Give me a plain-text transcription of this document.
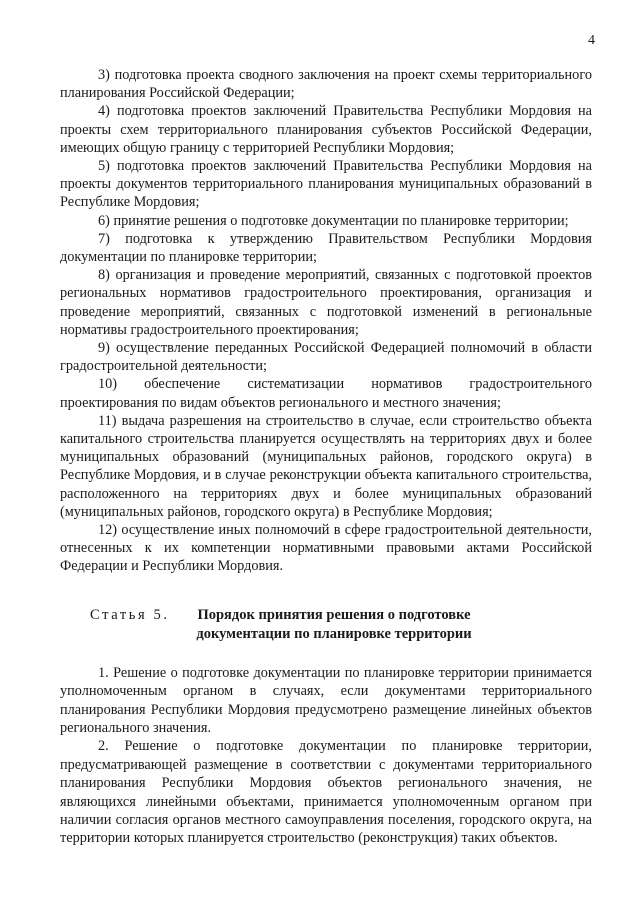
4

3) подготовка проекта сводного заключения на проект схемы территориального планирования Российской Федерации;

4) подготовка проектов заключений Правительства Республики Мордовия на проекты схем территориального планирования субъектов Российской Федерации, имеющих общую границу с территорией Республики Мордовия;

5) подготовка проектов заключений Правительства Республики Мордовия на проекты документов территориального планирования муниципальных образований в Республике Мордовия;

6) принятие решения о подготовке документации по планировке территории;

7) подготовка к утверждению Правительством Республики Мордовия документации по планировке территории;

8) организация и проведение мероприятий, связанных с подготовкой проектов региональных нормативов градостроительного проектирования, организация и проведение мероприятий, связанных с подготовкой изменений в региональные нормативы градостроительного проектирования;

9) осуществление переданных Российской Федерацией полномочий в области градостроительной деятельности;

10) обеспечение систематизации нормативов градостроительного проектирования по видам объектов регионального и местного значения;

11) выдача разрешения на строительство в случае, если строительство объекта капитального строительства планируется осуществлять на территориях двух и более муниципальных образований (муниципальных районов, городского округа) в Республике Мордовия, и в случае реконструкции объекта капитального строительства, расположенного на территориях двух и более муниципальных образований (муниципальных районов, городского округа) в Республике Мордовия;

12) осуществление иных полномочий в сфере градостроительной деятельности, отнесенных к их компетенции нормативными правовыми актами Российской Федерации и Республики Мордовия.

Статья 5.	Порядок принятия решения о подготовке документации по планировке территории

1. Решение о подготовке документации по планировке территории принимается уполномоченным органом в случаях, если документами территориального планирования Республики Мордовия предусмотрено размещение линейных объектов регионального значения.

2. Решение о подготовке документации по планировке территории, предусматривающей размещение в соответствии с документами территориального планирования Республики Мордовия объектов регионального значения, не являющихся линейными объектами, принимается уполномоченным органом при наличии согласия органов местного самоуправления поселения, городского округа, на территории которых планируется строительство (реконструкция) таких объектов.
